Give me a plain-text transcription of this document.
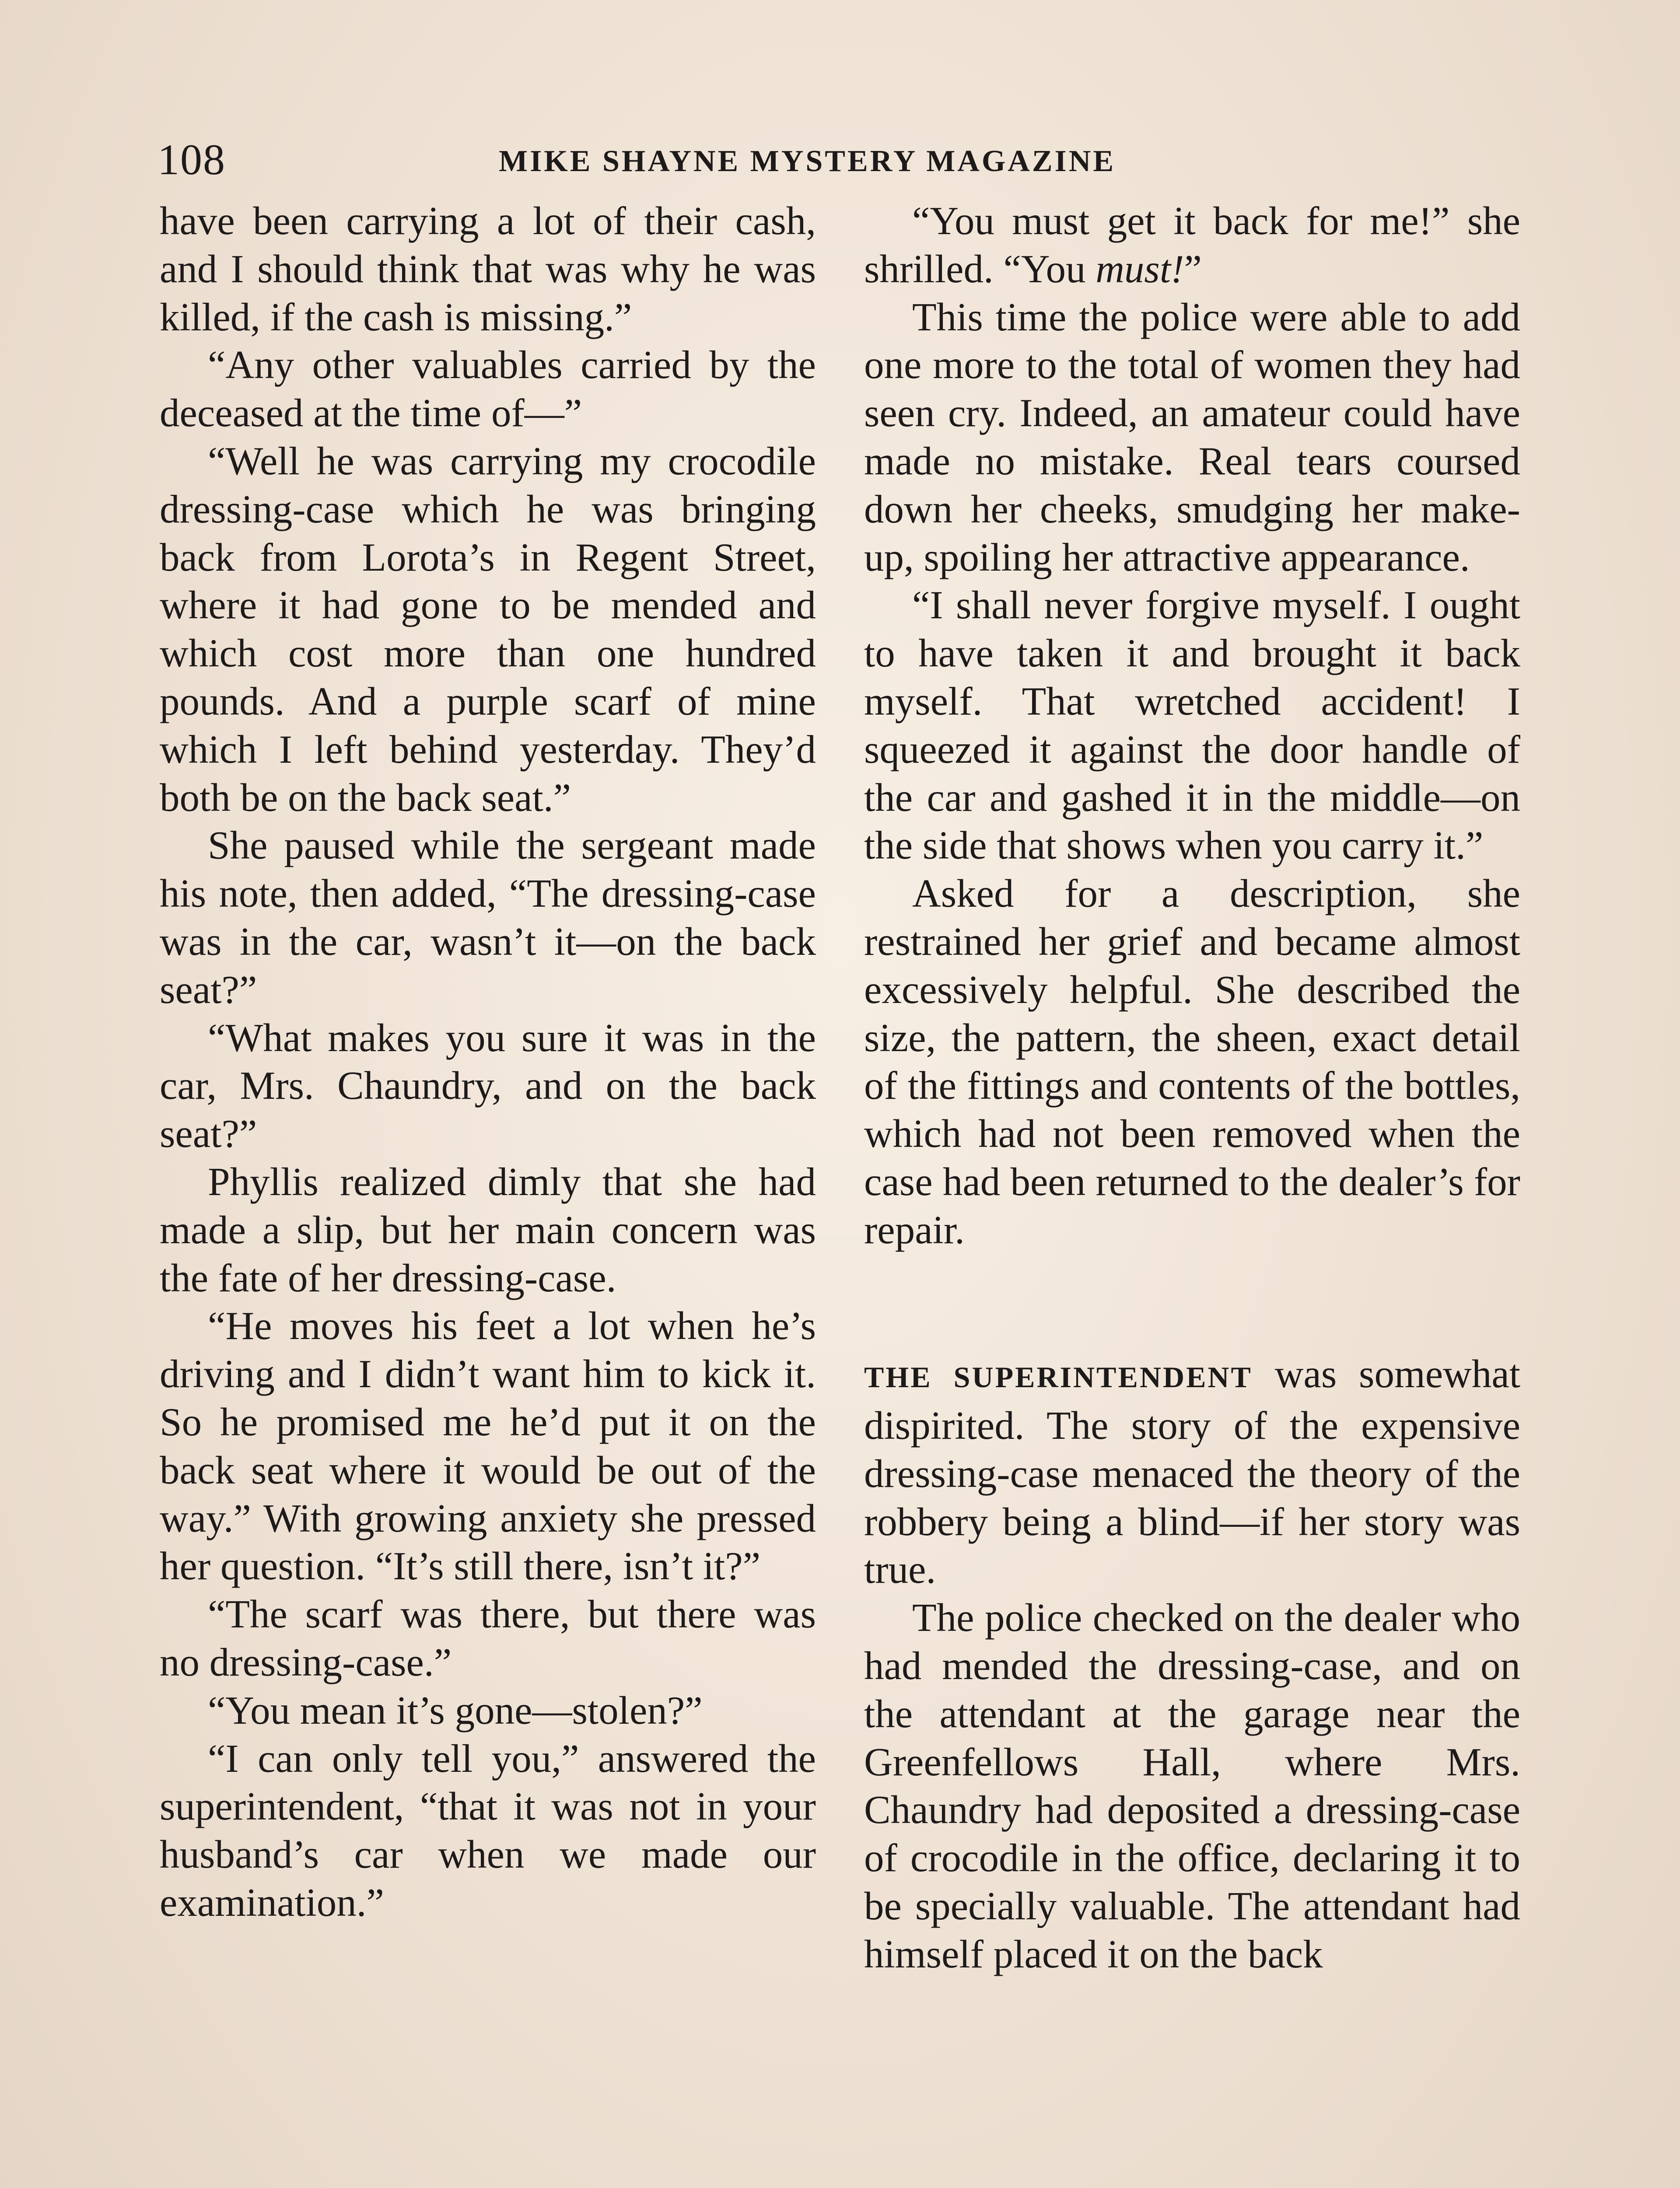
108	MIKE SHAYNE MYSTERY MAGAZINE

have been carrying a lot of their cash, and I should think that was why he was killed, if the cash is missing.”

“Any other valuables carried by the deceased at the time of—”

“Well he was carrying my crocodile dressing-case which he was bringing back from Lorota’s in Regent Street, where it had gone to be mended and which cost more than one hundred pounds. And a purple scarf of mine which I left behind yesterday. They’d both be on the back seat.”

She paused while the sergeant made his note, then added, “The dressing-case was in the car, wasn’t it—on the back seat?”

“What makes you sure it was in the car, Mrs. Chaundry, and on the back seat?”

Phyllis realized dimly that she had made a slip, but her main concern was the fate of her dressing-case.

“He moves his feet a lot when he’s driving and I didn’t want him to kick it. So he promised me he’d put it on the back seat where it would be out of the way.” With growing anxiety she pressed her question. “It’s still there, isn’t it?”

“The scarf was there, but there was no dressing-case.”

“You mean it’s gone—stolen?”

“I can only tell you,” answered the superintendent, “that it was not in your husband’s car when we made our examination.”

“You must get it back for me!” she shrilled. “You must!”

This time the police were able to add one more to the total of women they had seen cry. Indeed, an amateur could have made no mistake. Real tears coursed down her cheeks, smudging her make-up, spoiling her attractive appearance.

“I shall never forgive myself. I ought to have taken it and brought it back myself. That wretched accident! I squeezed it against the door handle of the car and gashed it in the middle—on the side that shows when you carry it.”

Asked for a description, she restrained her grief and became almost excessively helpful. She described the size, the pattern, the sheen, exact detail of the fittings and contents of the bottles, which had not been removed when the case had been returned to the dealer’s for repair.

THE SUPERINTENDENT was somewhat dispirited. The story of the expensive dressing-case menaced the theory of the robbery being a blind—if her story was true.

The police checked on the dealer who had mended the dressing-case, and on the attendant at the garage near the Greenfellows Hall, where Mrs. Chaundry had deposited a dressing-case of crocodile in the office, declaring it to be specially valuable. The attendant had himself placed it on the back
